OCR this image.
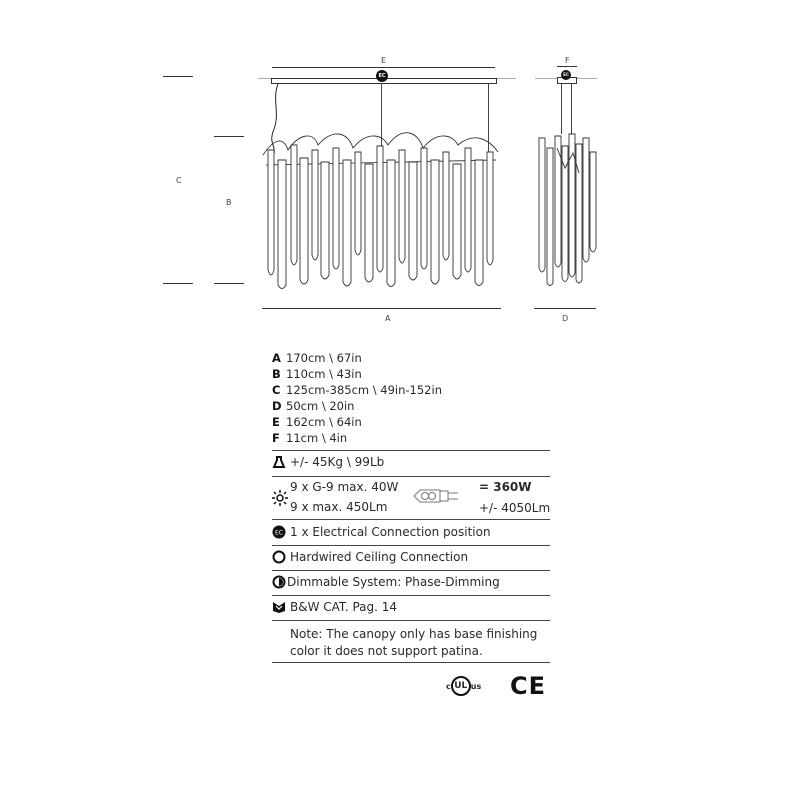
E
EC
C
B
A
F
EC
D
A 170cm \ 67in
B 110cm \ 43in
C 125cm-385cm \ 49in-152in
D 50cm \ 20in
E 162cm \ 64in
F 11cm \ 4in
+/- 45Kg \ 99Lb
9 x G-9 max. 40W
9 x max. 450Lm
= 360W
+/- 4050Lm
EC 1 x Electrical Connection position
Hardwired Ceiling Connection
Dimmable System: Phase-Dimming
B&W CAT. Pag. 14
Note: The canopy only has base finishing
color it does not support patina.
c UL us CE
